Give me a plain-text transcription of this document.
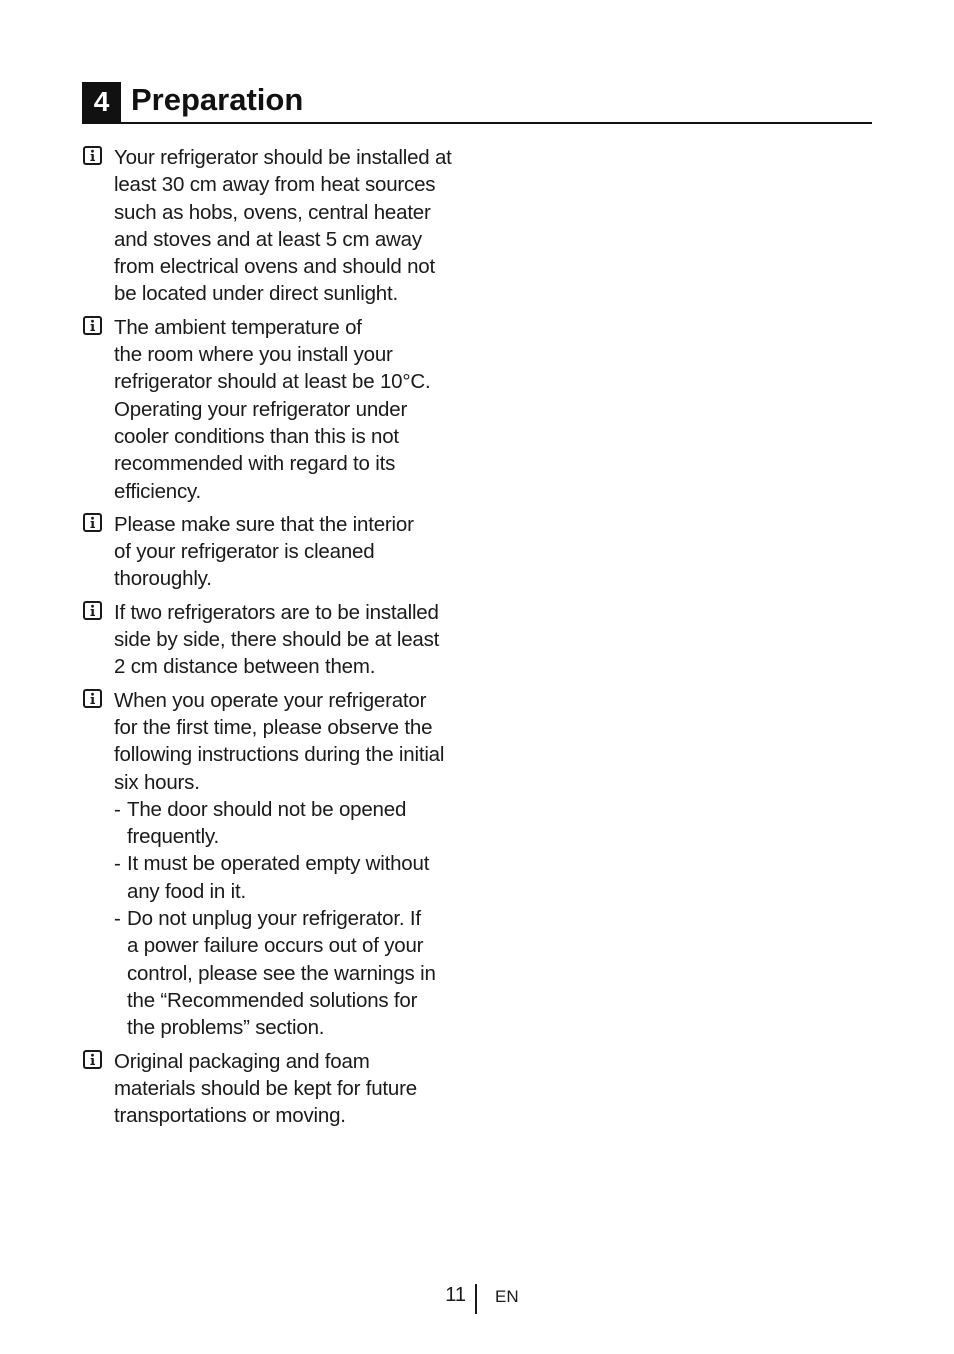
4 Preparation

Your refrigerator should be installed at
least 30 cm away from heat sources
such as hobs, ovens, central heater
and stoves and at least 5 cm away
from electrical ovens and should not
be located under direct sunlight.

The ambient temperature of
the room where you install your
refrigerator should at least be 10°C.
Operating your refrigerator under
cooler conditions than this is not
recommended with regard to its
efficiency.

Please make sure that the interior
of your refrigerator is cleaned
thoroughly.

If two refrigerators are to be installed
side by side, there should be at least
2 cm distance between them.

When you operate your refrigerator
for the first time, please observe the
following instructions during the initial
six hours.

- The door should not be opened
frequently.
- It must be operated empty without
any food in it.
- Do not unplug your refrigerator. If
a power failure occurs out of your
control, please see the warnings in
the “Recommended solutions for
the problems” section.

Original packaging and foam
materials should be kept for future
transportations or moving.

11 EN
